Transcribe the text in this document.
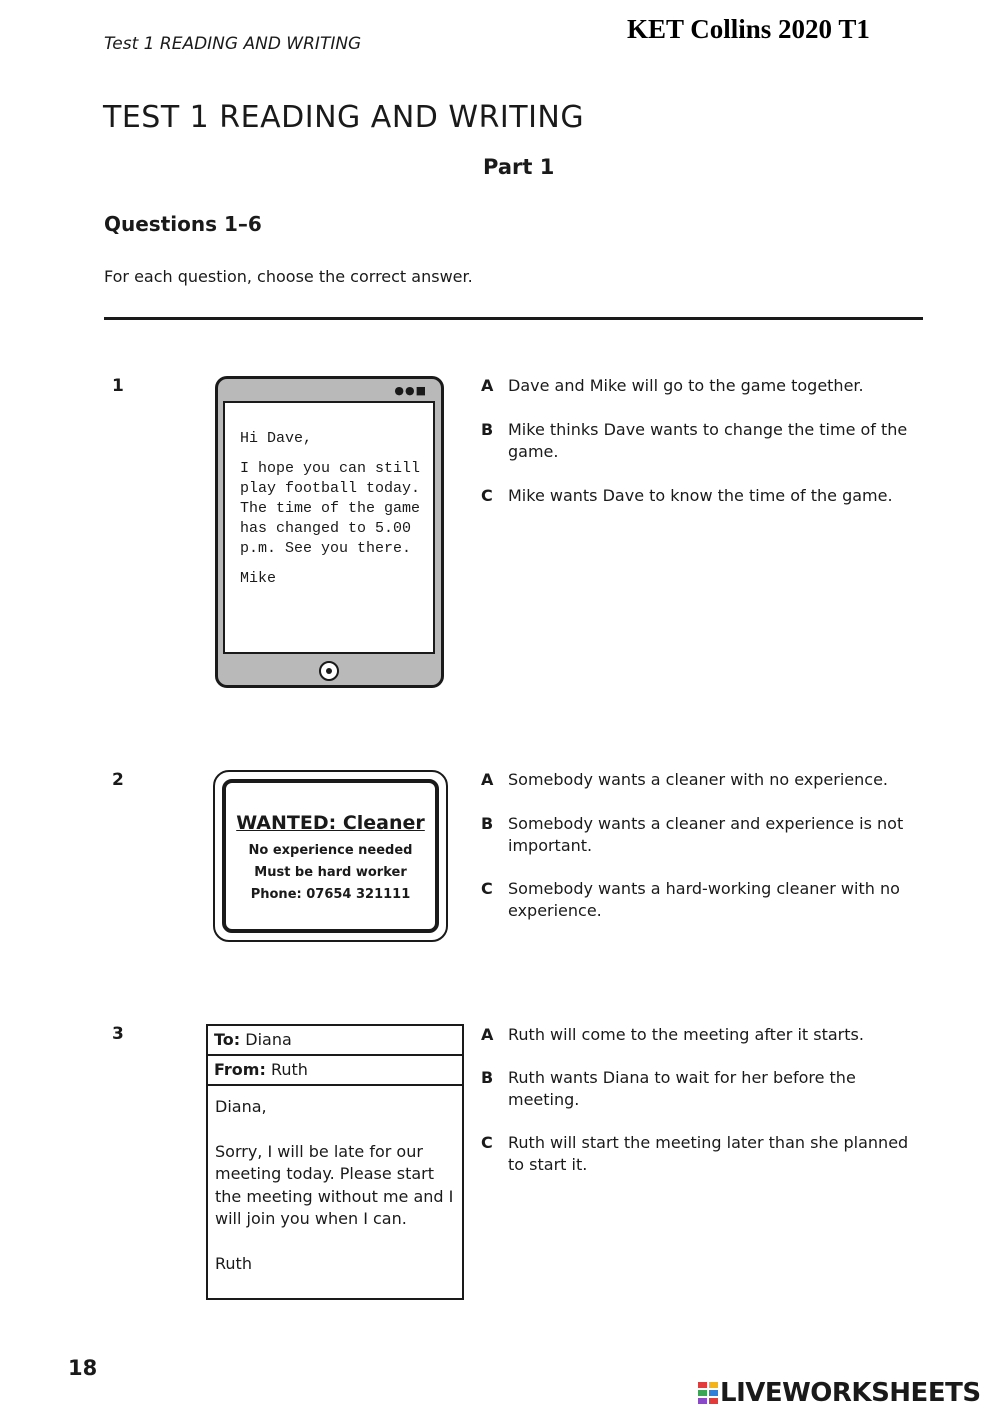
Test 1 READING AND WRITING	KET Collins 2020 T1
TEST 1 READING AND WRITING
Part 1
Questions 1–6
For each question, choose the correct answer.
1	●●■

Hi Dave,

I hope you can still play football today. The time of the game has changed to 5.00 p.m. See you there.

Mike

A Dave and Mike will go to the game together.
B Mike thinks Dave wants to change the time of the game.
C Mike wants Dave to know the time of the game.
2
WANTED: Cleaner
No experience needed
Must be hard worker
Phone: 07654 321111
A Somebody wants a cleaner with no experience.
B Somebody wants a cleaner and experience is not important.
C Somebody wants a hard-working cleaner with no experience.
3	To: Diana
From: Ruth

Diana,

Sorry, I will be late for our meeting today. Please start the meeting without me and I will join you when I can.

Ruth

A Ruth will come to the meeting after it starts.
B Ruth wants Diana to wait for her before the meeting.
C Ruth will start the meeting later than she planned to start it.
18
LIVEWORKSHEETS
